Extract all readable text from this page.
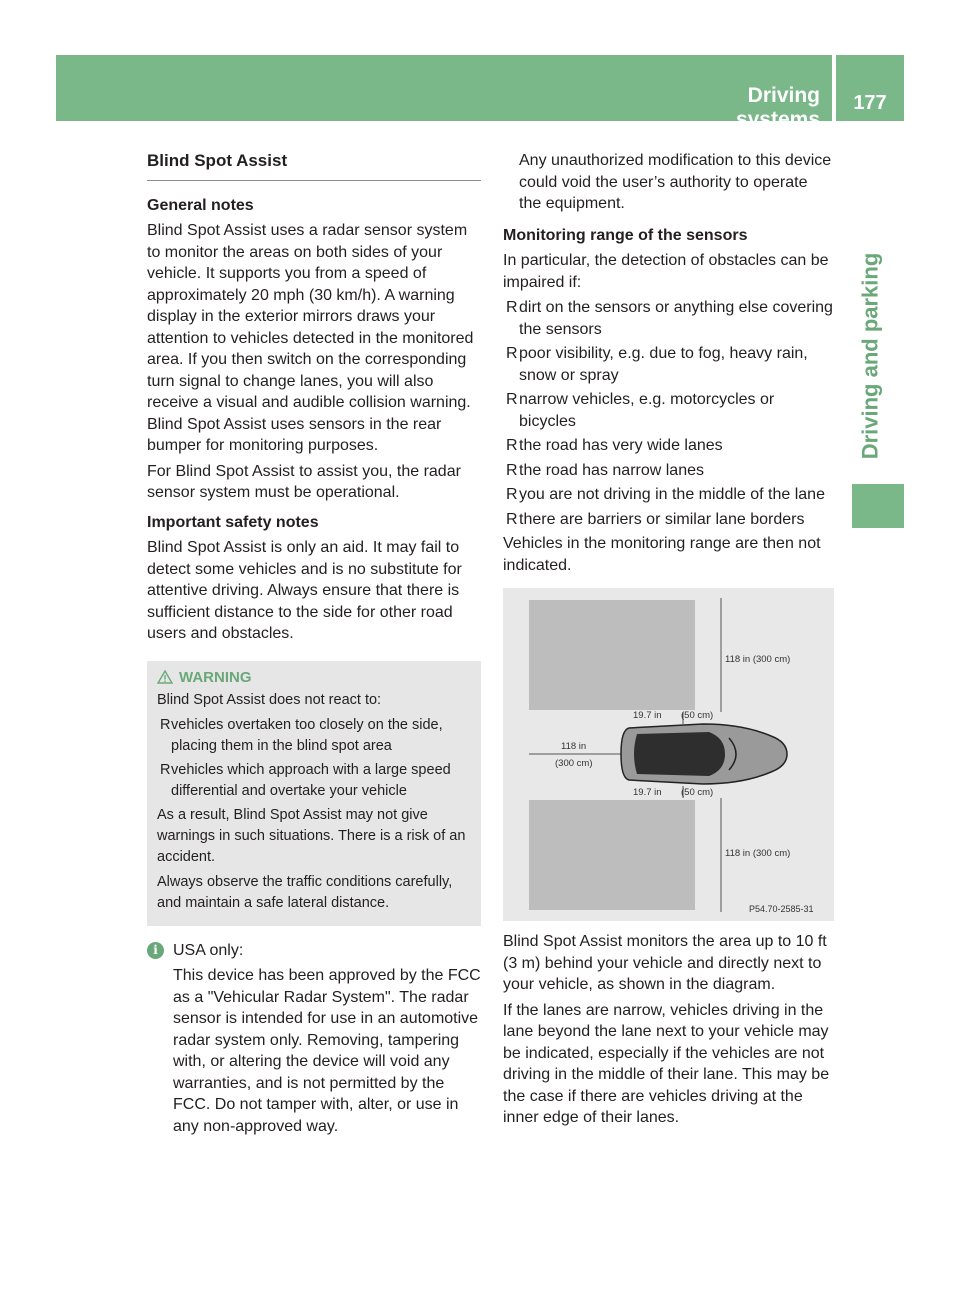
Driving systems
177
Driving and parking
Blind Spot Assist
General notes

Blind Spot Assist uses a radar sensor system to monitor the areas on both sides of your vehicle. It supports you from a speed of approximately 20 mph (30 km/h). A warning display in the exterior mirrors draws your attention to vehicles detected in the monitored area. If you then switch on the corresponding turn signal to change lanes, you will also receive a visual and audible collision warning. Blind Spot Assist uses sensors in the rear bumper for monitoring purposes.

For Blind Spot Assist to assist you, the radar sensor system must be operational.

Important safety notes

Blind Spot Assist is only an aid. It may fail to detect some vehicles and is no substitute for attentive driving. Always ensure that there is sufficient distance to the side for other road users and obstacles.

WARNING

Blind Spot Assist does not react to:

R vehicles overtaken too closely on the side, placing them in the blind spot area
R vehicles which approach with a large speed differential and overtake your vehicle

As a result, Blind Spot Assist may not give warnings in such situations. There is a risk of an accident.

Always observe the traffic conditions carefully, and maintain a safe lateral distance.

i USA only:

This device has been approved by the FCC as a "Vehicular Radar System". The radar sensor is intended for use in an automotive radar system only. Removing, tampering with, or altering the device will void any warranties, and is not permitted by the FCC. Do not tamper with, alter, or use in any non-approved way.

Any unauthorized modification to this device could void the user’s authority to operate the equipment.

Monitoring range of the sensors

In particular, the detection of obstacles can be impaired if:

R dirt on the sensors or anything else covering the sensors
R poor visibility, e.g. due to fog, heavy rain, snow or spray
R narrow vehicles, e.g. motorcycles or bicycles
R the road has very wide lanes
R the road has narrow lanes
R you are not driving in the middle of the lane
R there are barriers or similar lane borders

Vehicles in the monitoring range are then not indicated.

118 in (300 cm)
19.7 in (50 cm)
118 in
(300 cm)
19.7 in (50 cm)
118 in (300 cm)
P54.70-2585-31

Blind Spot Assist monitors the area up to 10 ft (3 m) behind your vehicle and directly next to your vehicle, as shown in the diagram.

If the lanes are narrow, vehicles driving in the lane beyond the lane next to your vehicle may be indicated, especially if the vehicles are not driving in the middle of their lane. This may be the case if there are vehicles driving at the inner edge of their lanes.
